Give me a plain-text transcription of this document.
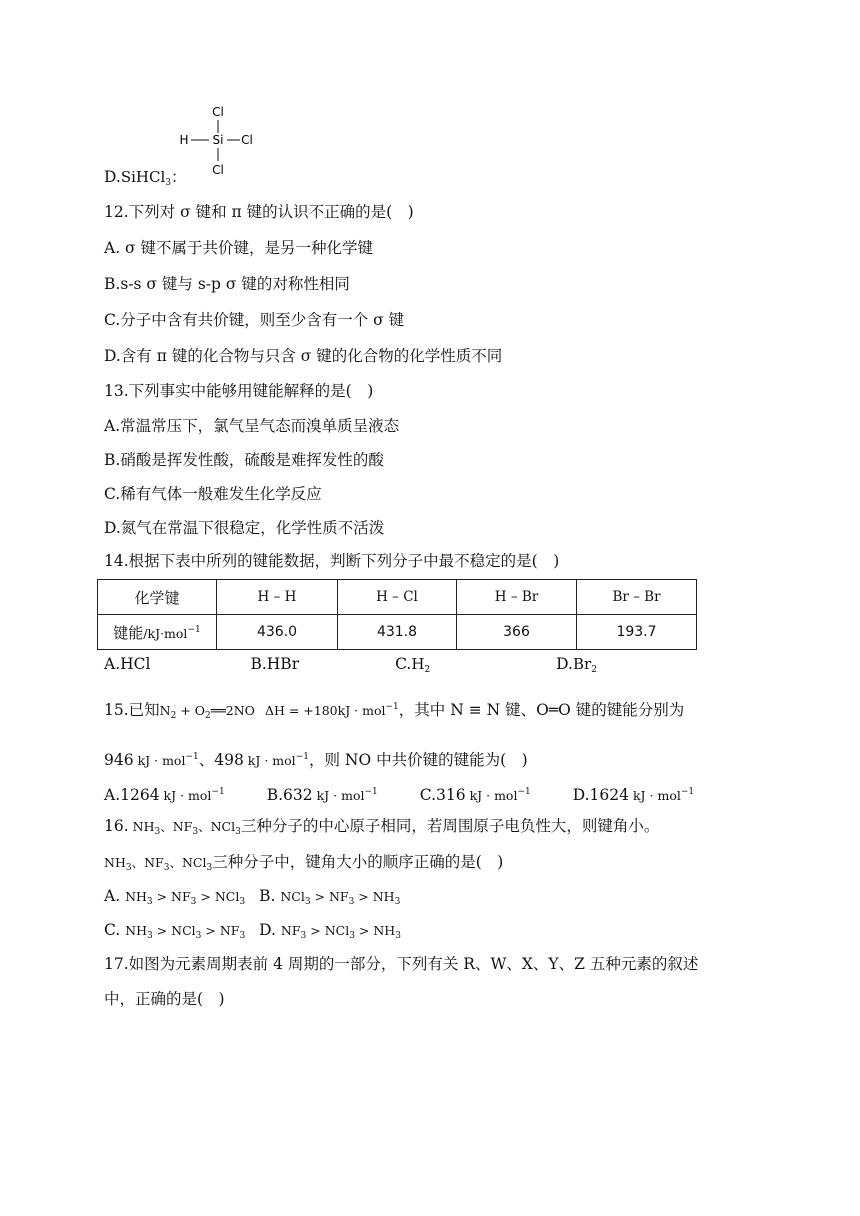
Cl
H Si Cl
Cl
D.SiHCl$_3$：
12.下列对 σ 键和 π 键的认识不正确的是(　)
A. σ 键不属于共价键，是另一种化学键
B.s-s σ 键与 s-p σ 键的对称性相同
C.分子中含有共价键，则至少含有一个 σ 键
D.含有 π 键的化合物与只含 σ 键的化合物的化学性质不同
13.下列事实中能够用键能解释的是(　)
A.常温常压下，氯气呈气态而溴单质呈液态
B.硝酸是挥发性酸，硫酸是难挥发性的酸
C.稀有气体一般难发生化学反应
D.氮气在常温下很稳定，化学性质不活泼
14.根据下表中所列的键能数据，判断下列分子中最不稳定的是(　)
化学键	H – H	H – Cl	H – Br	Br – Br
键能/kJ·mol$^{-1}$	436.0	431.8	366	193.7
A.HCl	B.HBr	$C.H_2$	$D.Br_2$
15.已知$N_2$ + $O_2══2NO$ ΔH = +180kJ · mol$^{-1}$，其中 N ≡ N 键、O═O 键的键能分别为
946 kJ · mol$^{-1}$、498 kJ · mol$^{-1}$，则 NO 中共价键的键能为(　)
A.1264 kJ · mol$^{-1}$	B.632 kJ · mol$^{-1}$	C.316 kJ · mol$^{-1}$	D.1624 kJ · mol$^{-1}$
16. $NH_3$、$NF_3$、NCl$_3$三种分子的中心原子相同，若周围原子电负性大，则键角小。
$NH_3$、$NF_3$、NCl$_3$三种分子中，键角大小的顺序正确的是(　)
A. $NH_3 > NF_3 > NCl_3$ B. $NCl_3 > NF_3 > NH_3$
C. $NH_3 > NCl_3 > NF_3$ D. $NF_3 > NCl_3 > NH_3$
17.如图为元素周期表前 4 周期的一部分，下列有关 R、W、X、Y、Z 五种元素的叙述
中，正确的是(　)
